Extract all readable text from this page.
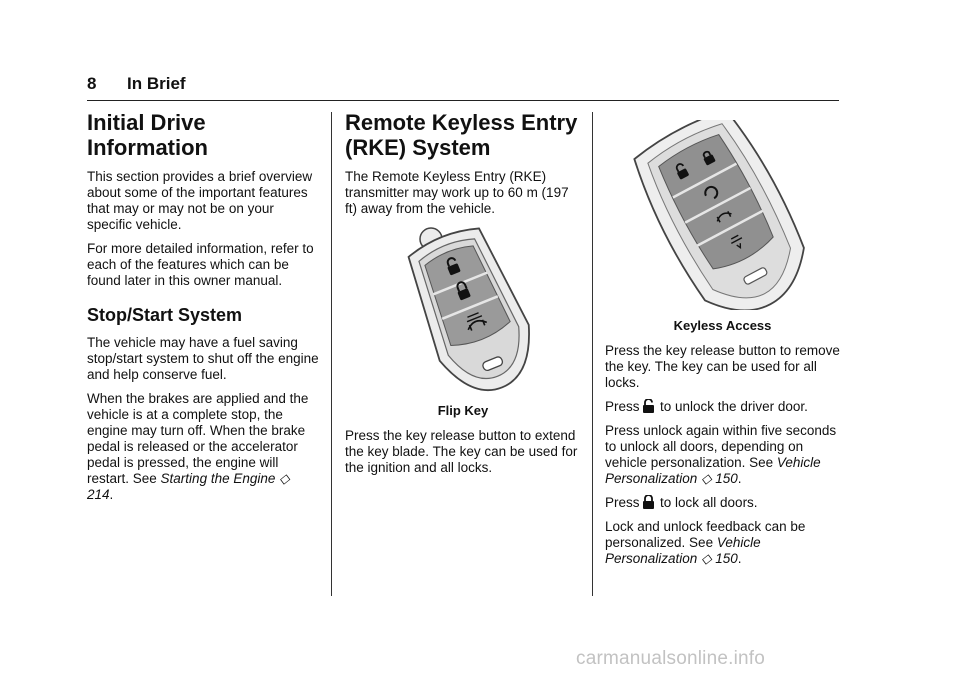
8 In Brief
Initial Drive Information

This section provides a brief overview about some of the important features that may or may not be on your specific vehicle.

For more detailed information, refer to each of the features which can be found later in this owner manual.

Stop/Start System

The vehicle may have a fuel saving stop/start system to shut off the engine and help conserve fuel.

When the brakes are applied and the vehicle is at a complete stop, the engine may turn off. When the brake pedal is released or the accelerator pedal is pressed, the engine will restart. See Starting the Engine ◇ 214.

Remote Keyless Entry (RKE) System

The Remote Keyless Entry (RKE) transmitter may work up to 60 m (197 ft) away from the vehicle.

Flip Key

Press the key release button to extend the key blade. The key can be used for the ignition and all locks.

Keyless Access

Press the key release button to remove the key. The key can be used for all locks.

Press  to unlock the driver door.

Press unlock again within five seconds to unlock all doors, depending on vehicle personalization. See Vehicle Personalization ◇ 150.

Press  to lock all doors.

Lock and unlock feedback can be personalized. See Vehicle Personalization ◇ 150.

carmanualsonline.info
